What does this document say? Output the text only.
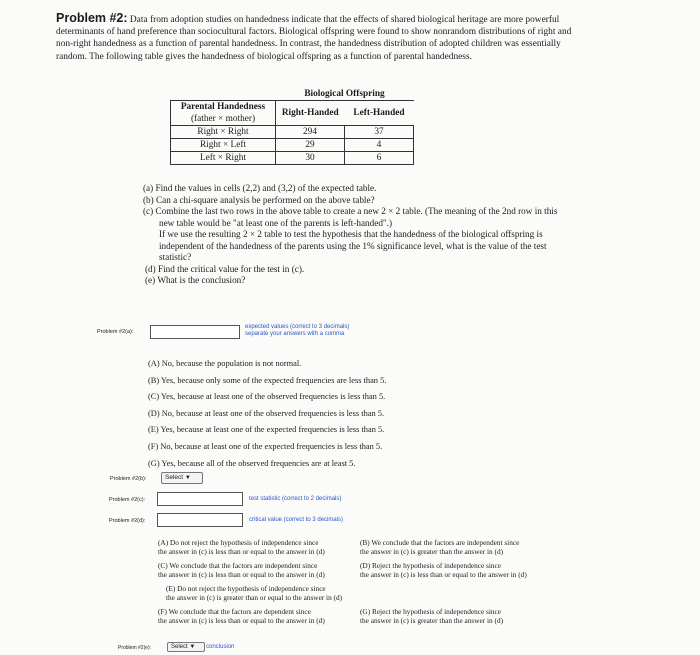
Problem #2: Data from adoption studies on handedness indicate that the effects of shared biological heritage are more powerful determinants of hand preference than sociocultural factors. Biological offspring were found to show nonrandom distributions of right and non-right handedness as a function of parental handedness. In contrast, the handedness distribution of adopted children was essentially random. The following table gives the handedness of biological offspring as a function of parental handedness.
	Biological Offspring	
Parental Handedness	Right-Handed	Left-Handed
(father × mother)		
Right × Right	294	37
Right × Left	29	4
Left × Right	30	6
(a) Find the values in cells (2,2) and (3,2) of the expected table.
(b) Can a chi-square analysis be performed on the above table?
(c) Combine the last two rows in the above table to create a new 2 × 2 table. (The meaning of the 2nd row in this
new table would be "at least one of the parents is left-handed".)
If we use the resulting 2 × 2 table to test the hypothesis that the handedness of the biological offspring is
independent of the handedness of the parents using the 1% significance level, what is the value of the test
statistic?
(d) Find the critical value for the test in (c).
(e) What is the conclusion?
Problem #2(a):
expected values (correct to 3 decimals)
separate your answers with a comma
(A) No, because the population is not normal.
(B) Yes, because only some of the expected frequencies are less than 5.
(C) Yes, because at least one of the observed frequencies is less than 5.
(D) No, because at least one of the observed frequencies is less than 5.
(E) Yes, because at least one of the expected frequencies is less than 5.
(F) No, because at least one of the expected frequencies is less than 5.
(G) Yes, because all of the observed frequencies are at least 5.
Problem #2(b):	Select ▼
Problem #2(c):	test statistic (correct to 2 decimals)
Problem #2(d):	critical value (correct to 3 decimals)
(A) Do not reject the hypothesis of independence since
the answer in (c) is less than or equal to the answer in (d)
(B) We conclude that the factors are independent since
the answer in (c) is greater than the answer in (d)
(C) We conclude that the factors are independent since
the answer in (c) is less than or equal to the answer in (d)
(D) Reject the hypothesis of independence since
the answer in (c) is less than or equal to the answer in (d)
(E) Do not reject the hypothesis of independence since
the answer in (c) is greater than or equal to the answer in (d)
(F) We conclude that the factors are dependent since
the answer in (c) is less than or equal to the answer in (d)
(G) Reject the hypothesis of independence since
the answer in (c) is greater than the answer in (d)
Problem #2(e):	Select ▼	conclusion
